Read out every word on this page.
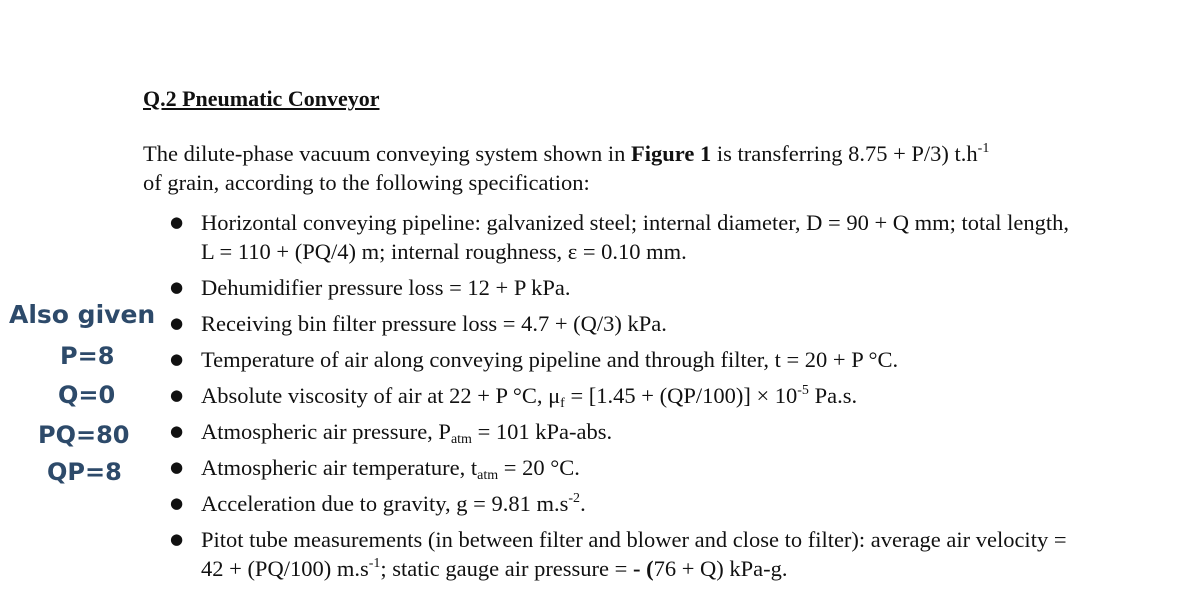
Q.2 Pneumatic Conveyor

The dilute-phase vacuum conveying system shown in Figure 1 is transferring 8.75 + P/3) $t.h^{-1}$

of grain, according to the following specification:

Also given
P=8
Q=0
PQ=80
QP=8
● Horizontal conveying pipeline: galvanized steel; internal diameter, D = 90 + Q mm; total length, L = 110 + (PQ/4) m; internal roughness, ε = 0.10 mm.
● Dehumidifier pressure loss = 12 + P kPa.
● Receiving bin filter pressure loss = 4.7 + (Q/3) kPa.
● Temperature of air along conveying pipeline and through filter, t = 20 + P °C.
● Absolute viscosity of air at 22 + P °C, $\mu_f = [1.45 + (QP/100)] \times 10^{-5}$ Pa.s.
● Atmospheric air pressure, $P_{atm} = 101$ kPa-abs.
● Atmospheric air temperature, $t_{atm} = 20$ °C.
● Acceleration due to gravity, g = 9.81 $m.s^{-2}$.
● Pitot tube measurements (in between filter and blower and close to filter): average air velocity = 42 + (PQ/100) $m.s^{-1}$; static gauge air pressure = - (76 + Q) kPa-g.
